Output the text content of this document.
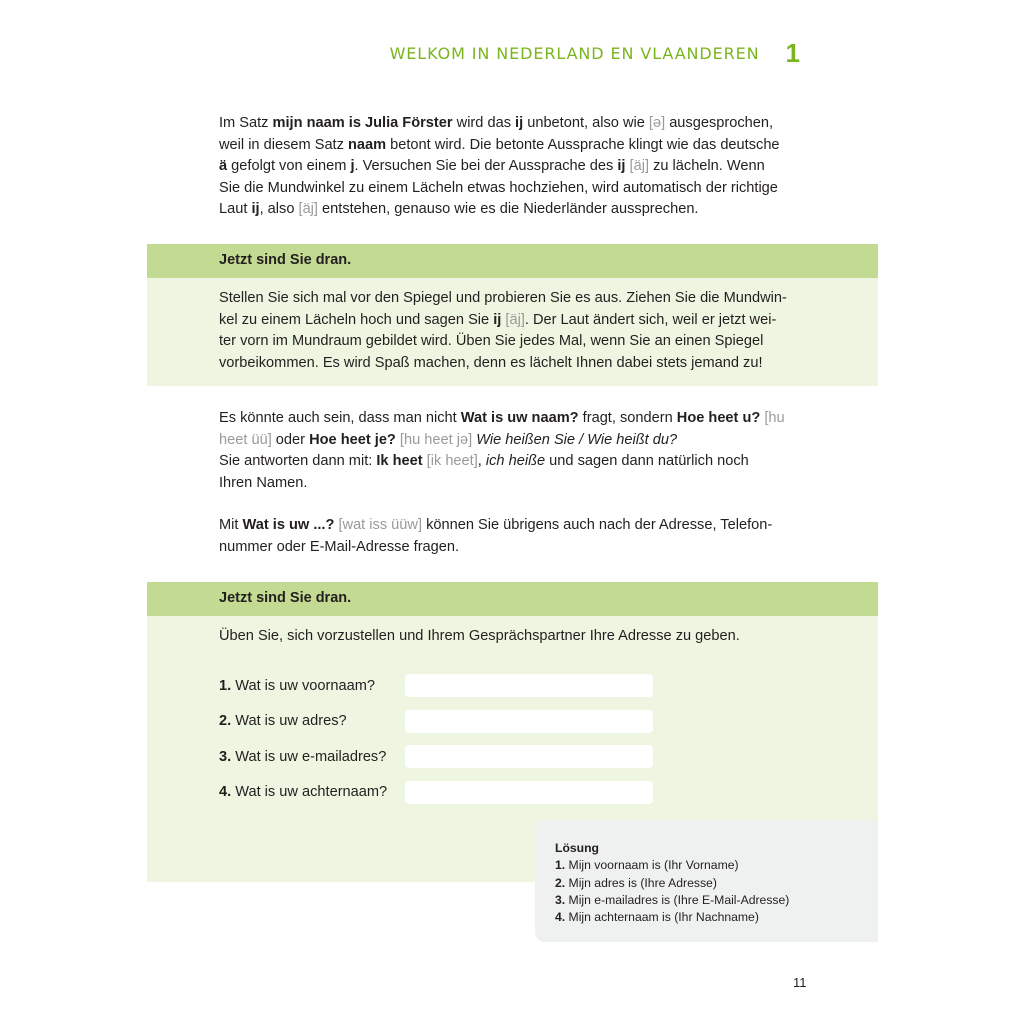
WELKOM IN NEDERLAND EN VLAANDEREN 1

Im Satz mijn naam is Julia Förster wird das ij unbetont, also wie [ə] ausgesprochen,
weil in diesem Satz naam betont wird. Die betonte Aussprache klingt wie das deutsche
ä gefolgt von einem j. Versuchen Sie bei der Aussprache des ij [äj] zu lächeln. Wenn
Sie die Mundwinkel zu einem Lächeln etwas hochziehen, wird automatisch der richtige
Laut ij, also [äj] entstehen, genauso wie es die Niederländer aussprechen.

Jetzt sind Sie dran.

Stellen Sie sich mal vor den Spiegel und probieren Sie es aus. Ziehen Sie die Mundwin-
kel zu einem Lächeln hoch und sagen Sie ij [äj]. Der Laut ändert sich, weil er jetzt wei-
ter vorn im Mundraum gebildet wird. Üben Sie jedes Mal, wenn Sie an einen Spiegel
vorbeikommen. Es wird Spaß machen, denn es lächelt Ihnen dabei stets jemand zu!

Es könnte auch sein, dass man nicht Wat is uw naam? fragt, sondern Hoe heet u? [hu
heet üü] oder Hoe heet je? [hu heet jə] Wie heißen Sie / Wie heißt du?
Sie antworten dann mit: Ik heet [ik heet], ich heiße und sagen dann natürlich noch
Ihren Namen.

Mit Wat is uw ...? [wat iss üüw] können Sie übrigens auch nach der Adresse, Telefon-
nummer oder E-Mail-Adresse fragen.

Jetzt sind Sie dran.

Üben Sie, sich vorzustellen und Ihrem Gesprächspartner Ihre Adresse zu geben.

1. Wat is uw voornaam?
2. Wat is uw adres?
3. Wat is uw e-mailadres?
4. Wat is uw achternaam?
Lösung
1. Mijn voornaam is (Ihr Vorname)
2. Mijn adres is (Ihre Adresse)
3. Mijn e-mailadres is (Ihre E-Mail-Adresse)
4. Mijn achternaam is (Ihr Nachname)
11
